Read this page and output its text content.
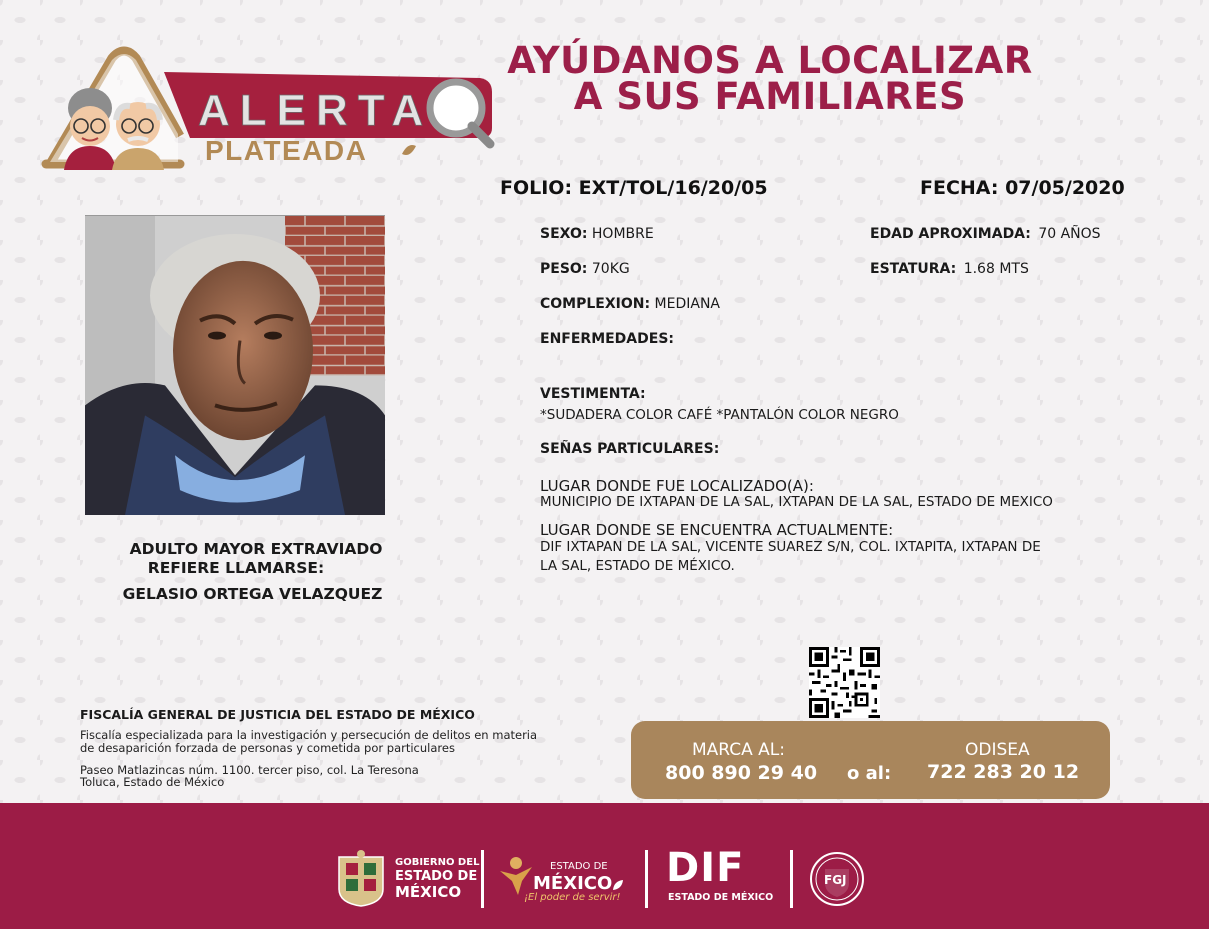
ALERTA
PLATEADA
AYÚDANOS A LOCALIZAR
A SUS FAMILIARES
FOLIO: EXT/TOL/16/20/05	FECHA: 07/05/2020
ADULTO MAYOR EXTRAVIADO
REFIERE LLAMARSE:
GELASIO ORTEGA VELAZQUEZ
SEXO: HOMBRE	EDAD APROXIMADA: 70 AÑOS
PESO: 70KG	ESTATURA: 1.68 MTS
COMPLEXION: MEDIANA
ENFERMEDADES:
VESTIMENTA:
*SUDADERA COLOR CAFÉ *PANTALÓN COLOR NEGRO
SEÑAS PARTICULARES:
LUGAR DONDE FUE LOCALIZADO(A):
MUNICIPIO DE IXTAPAN DE LA SAL, IXTAPAN DE LA SAL, ESTADO DE MEXICO
LUGAR DONDE SE ENCUENTRA ACTUALMENTE:
DIF IXTAPAN DE LA SAL, VICENTE SUAREZ S/N, COL. IXTAPITA, IXTAPAN DE
LA SAL, ESTADO DE MÉXICO.
FISCALÍA GENERAL DE JUSTICIA DEL ESTADO DE MÉXICO
Fiscalía especializada para la investigación y persecución de delitos en materia
de desaparición forzada de personas y cometida por particulares
Paseo Matlazincas núm. 1100. tercer piso, col. La Teresona
Toluca, Estado de México
MARCA AL:
800 890 29 40 o al:
ODISEA
722 283 20 12
GOBIERNO DEL
ESTADO DE
MÉXICO
ESTADO DE
MÉXICO
¡El poder de servir!
DIF
ESTADO DE MÉXICO
FGJ
